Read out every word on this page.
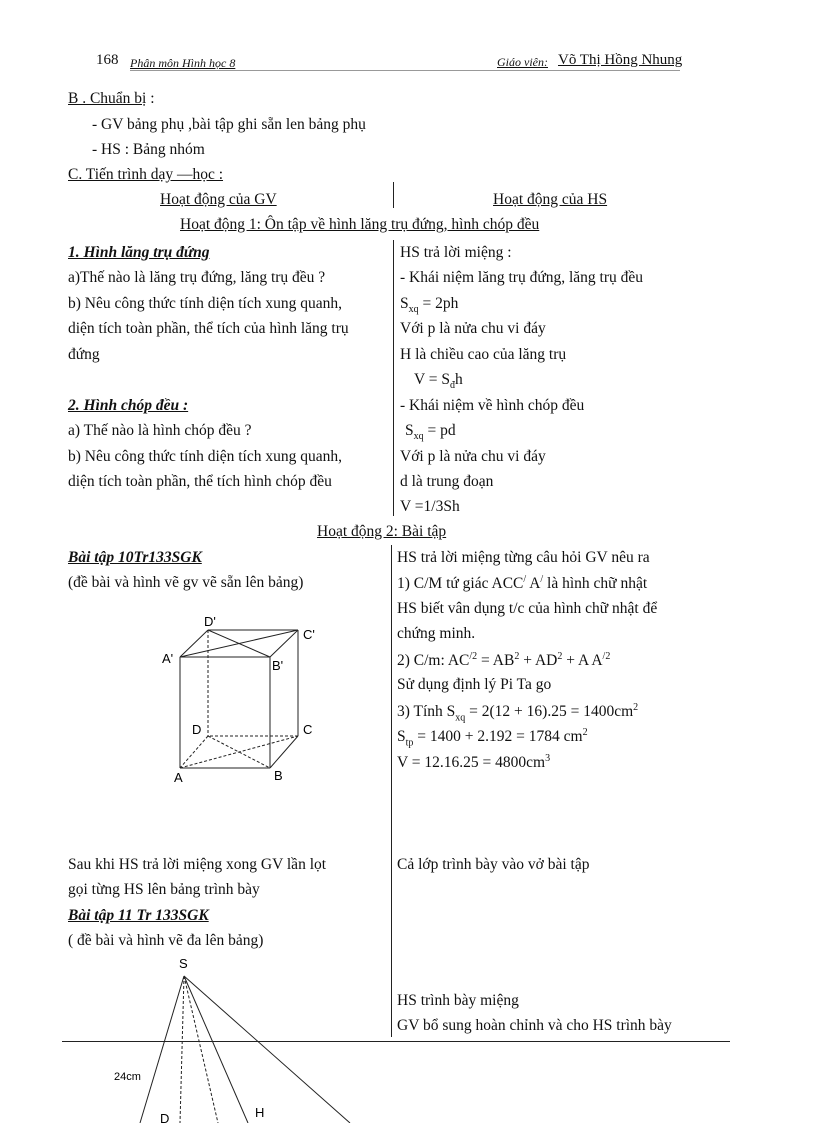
168 Phân môn Hình học 8	Giáo viên: Võ Thị Hồng Nhung
B . Chuẩn bị :
- GV bảng phụ ,bài tập ghi sẵn len bảng phụ
- HS : Bảng nhóm
C. Tiến trình dạy —học :
Hoạt động của GV	Hoạt động của HS
Hoạt động 1: Ôn tập về hình lăng trụ đứng, hình chóp đều
1. Hình lăng trụ đứng
a)Thế nào là lăng trụ đứng, lăng trụ đều ?
b) Nêu công thức tính diện tích xung quanh,
diện tích toàn phần, thể tích của hình lăng trụ
đứng
2. Hình chóp đều :
a) Thế nào là hình chóp đều ?
b) Nêu công thức tính diện tích xung quanh,
diện tích toàn phần, thể tích hình chóp đều
HS trả lời miệng :
- Khái niệm lăng trụ đứng, lăng trụ đều
$S_{xq} = 2ph$
Với p là nửa chu vi đáy
H là chiều cao của lăng trụ
$V = S_đh$
- Khái niệm về hình chóp đều
$S_{xq}$ = pd
Với p là nửa chu vi đáy
d là trung đoạn
V =1/3Sh
Hoạt động 2: Bài tập
Bài tập 10Tr133SGK
(đề bài và hình vẽ gv vẽ sẵn lên bảng)
D'
C'
A'	B'
D	C
A	B
HS trả lời miệng từng câu hỏi GV nêu ra
1) C/M tứ giác ACC/ A/ là hình chữ nhật
HS biết vân dụng t/c của hình chữ nhật để
chứng minh.
2) C/m: $AC^{/2} = AB^2 + AD^2 + A$ $A^{/2}$
Sử dụng định lý Pi Ta go
3) Tính $S_{xq} = 2(12 + 16).25 = 1400cm^2$
$S_{tp} = 1400 + 2.192 = 1784$ $cm^2$
$V = 12.16.25 = 4800cm^3$
Sau khi HS trả lời miệng xong GV lần lọt
gọi từng HS lên bảng trình bày
Cả lớp trình bày vào vở bài tập
Bài tập 11 Tr 133SGK
( đề bài và hình vẽ đa lên bảng)
S
24cm
D	H
HS trình bày miệng
GV bổ sung hoàn chỉnh và cho HS trình bày
